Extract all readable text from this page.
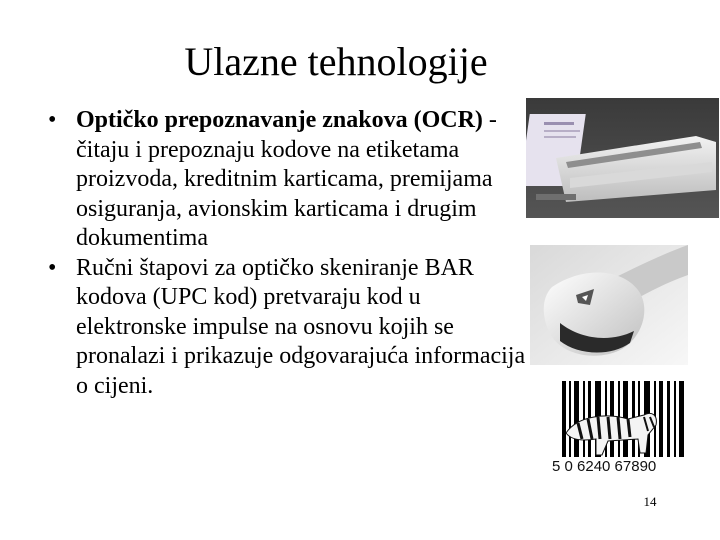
Ulazne tehnologije
• Optičko prepoznavanje znakova (OCR) - čitaju i prepoznaju kodove na etiketama proizvoda, kreditnim karticama, premijama osiguranja, avionskim karticama i drugim dokumentima
• Ručni štapovi za optičko skeniranje BAR kodova (UPC kod) pretvaraju kod u elektronske impulse na osnovu kojih se pronalazi i prikazuje odgovarajuća informacija o cijeni.
5 0 6240 67890
14
